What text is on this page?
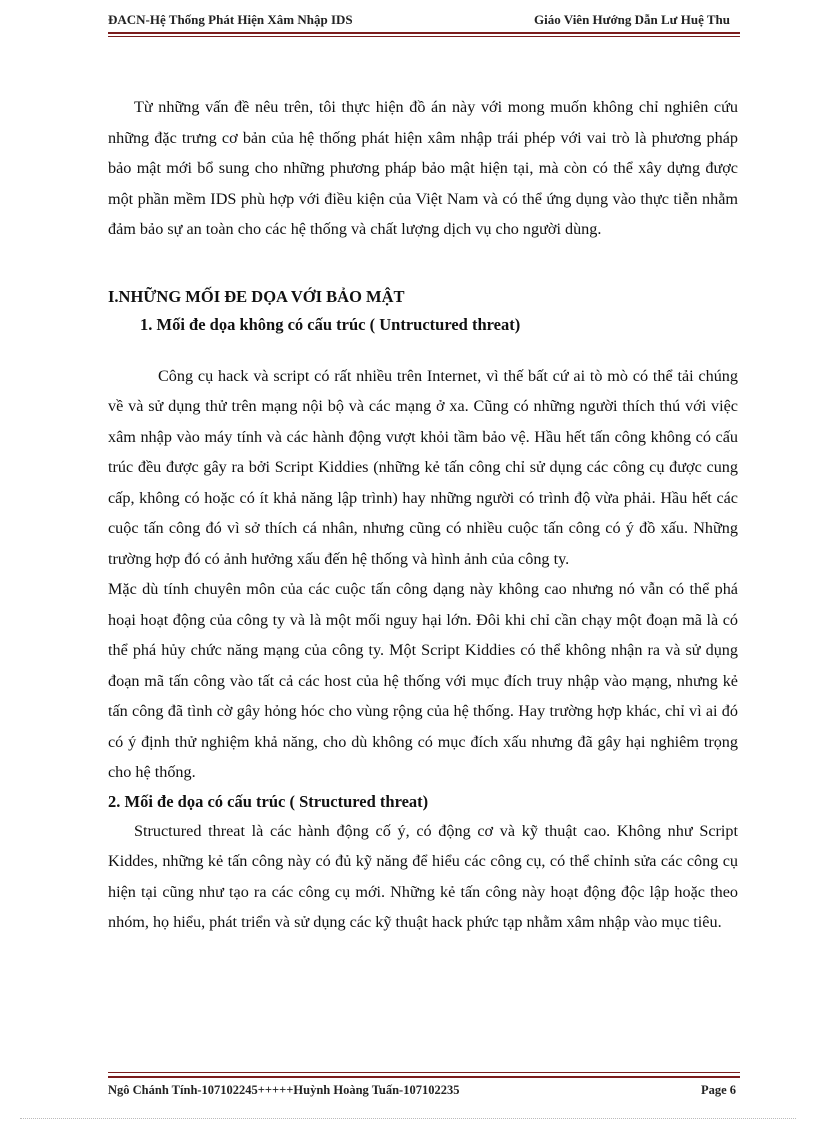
ĐACN-Hệ Thống Phát Hiện Xâm Nhập IDS	Giáo Viên Hướng Dẫn Lư Huệ Thu

Từ những vấn đề nêu trên, tôi thực hiện đồ án này với mong muốn không chỉ nghiên cứu những đặc trưng cơ bản của hệ thống phát hiện xâm nhập trái phép với vai trò là phương pháp bảo mật mới bổ sung cho những phương pháp bảo mật hiện tại, mà còn có thể xây dựng được một phần mềm IDS phù hợp với điều kiện của Việt Nam và có thể ứng dụng vào thực tiễn nhằm đảm bảo sự an toàn cho các hệ thống và chất lượng dịch vụ cho người dùng.

I.NHỮNG MỐI ĐE DỌA VỚI BẢO MẬT

1. Mối đe dọa không có cấu trúc ( Untructured threat)

Công cụ hack và script có rất nhiều trên Internet, vì thế bất cứ ai tò mò có thể tải chúng về và sử dụng thử trên mạng nội bộ và các mạng ở xa. Cũng có những người thích thú với việc xâm nhập vào máy tính và các hành động vượt khỏi tầm bảo vệ. Hầu hết tấn công không có cấu trúc đều được gây ra bởi Script Kiddies (những kẻ tấn công chỉ sử dụng các công cụ được cung cấp, không có hoặc có ít khả năng lập trình) hay những người có trình độ vừa phải. Hầu hết các cuộc tấn công đó vì sở thích cá nhân, nhưng cũng có nhiều cuộc tấn công có ý đồ xấu. Những trường hợp đó có ảnh hưởng xấu đến hệ thống và hình ảnh của công ty.

Mặc dù tính chuyên môn của các cuộc tấn công dạng này không cao nhưng nó vẫn có thể phá hoại hoạt động của công ty và là một mối nguy hại lớn. Đôi khi chỉ cần chạy một đoạn mã là có thể phá hủy chức năng mạng của công ty. Một Script Kiddies có thể không nhận ra và sử dụng đoạn mã tấn công vào tất cả các host của hệ thống với mục đích truy nhập vào mạng, nhưng kẻ tấn công đã tình cờ gây hỏng hóc cho vùng rộng của hệ thống. Hay trường hợp khác, chỉ vì ai đó có ý định thử nghiệm khả năng, cho dù không có mục đích xấu nhưng đã gây hại nghiêm trọng cho hệ thống.

2. Mối đe dọa có cấu trúc ( Structured threat)

Structured threat là các hành động cố ý, có động cơ và kỹ thuật cao. Không như Script Kiddes, những kẻ tấn công này có đủ kỹ năng để hiểu các công cụ, có thể chỉnh sửa các công cụ hiện tại cũng như tạo ra các công cụ mới. Những kẻ tấn công này hoạt động độc lập hoặc theo nhóm, họ hiểu, phát triển và sử dụng các kỹ thuật hack phức tạp nhằm xâm nhập vào mục tiêu.

Ngô Chánh Tính-107102245+++++Huỳnh Hoàng Tuấn-107102235	Page 6
